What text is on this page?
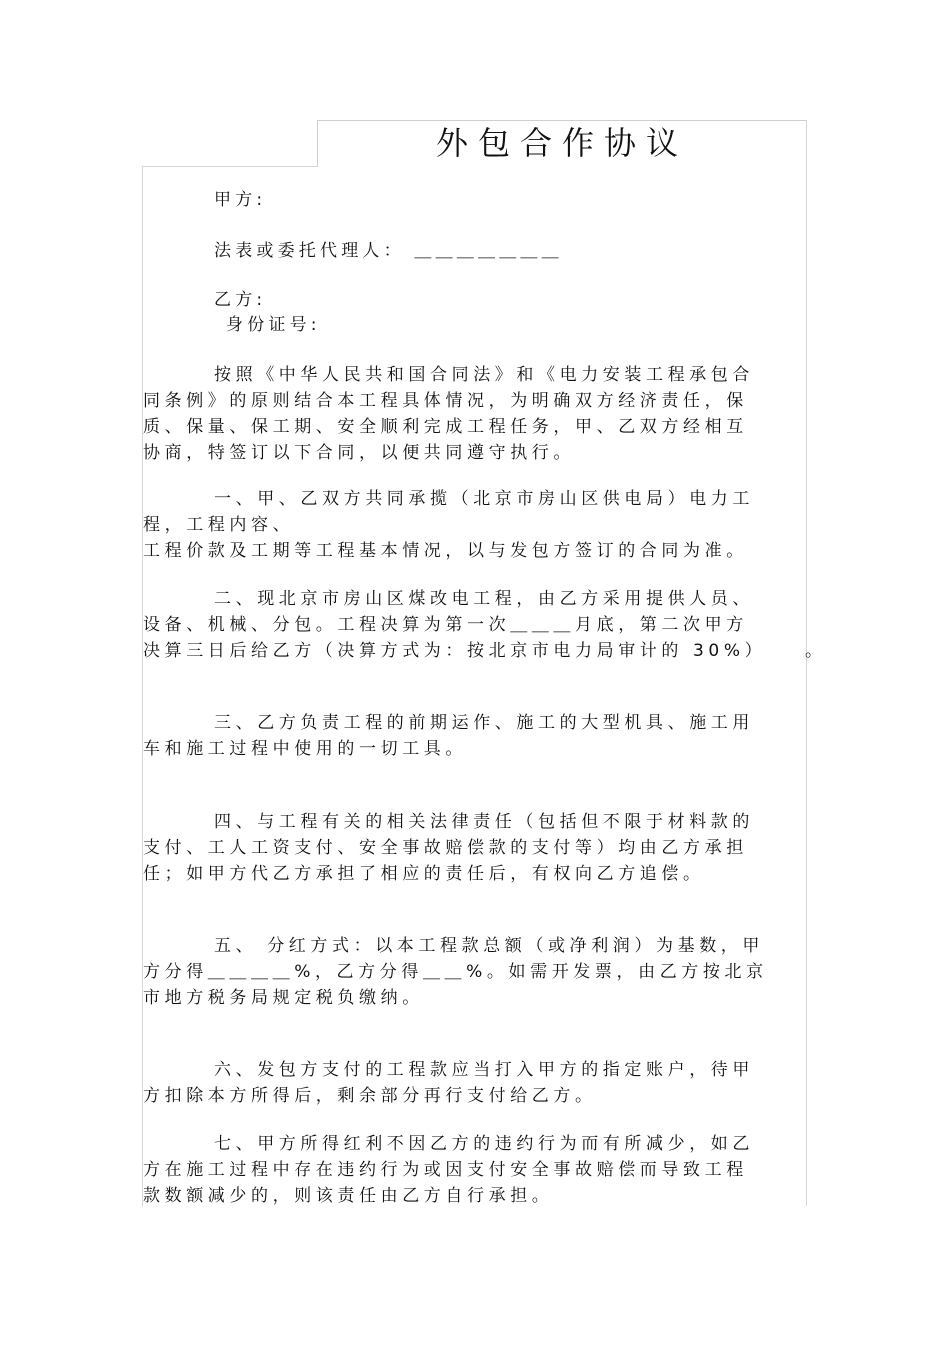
外包合作协议
甲方:
法表或委托代理人： ＿＿＿＿＿＿＿
乙方:
身份证号:
按照《中华人民共和国合同法》和《电力安装工程承包合
同条例》的原则结合本工程具体情况，为明确双方经济责任，保
质、保量、保工期、安全顺利完成工程任务，甲、乙双方经相互
协商，特签订以下合同，以便共同遵守执行。
一、甲、乙双方共同承揽（北京市房山区供电局）电力工
程，工程内容、
工程价款及工期等工程基本情况，以与发包方签订的合同为准。
二、现北京市房山区煤改电工程，由乙方采用提供人员、
设备、机械、分包。工程决算为第一次＿＿＿月底，第二次甲方
决算三日后给乙方（决算方式为：按北京市电力局审计的 30%）	。
三、乙方负责工程的前期运作、施工的大型机具、施工用
车和施工过程中使用的一切工具。
四、与工程有关的相关法律责任（包括但不限于材料款的
支付、工人工资支付、安全事故赔偿款的支付等）均由乙方承担
任；如甲方代乙方承担了相应的责任后，有权向乙方追偿。
五、 分红方式：以本工程款总额（或净利润）为基数，甲
方分得＿＿＿＿%，乙方分得＿＿%。如需开发票，由乙方按北京
市地方税务局规定税负缴纳。
六、发包方支付的工程款应当打入甲方的指定账户，待甲
方扣除本方所得后，剩余部分再行支付给乙方。
七、甲方所得红利不因乙方的违约行为而有所减少，如乙
方在施工过程中存在违约行为或因支付安全事故赔偿而导致工程
款数额减少的，则该责任由乙方自行承担。
